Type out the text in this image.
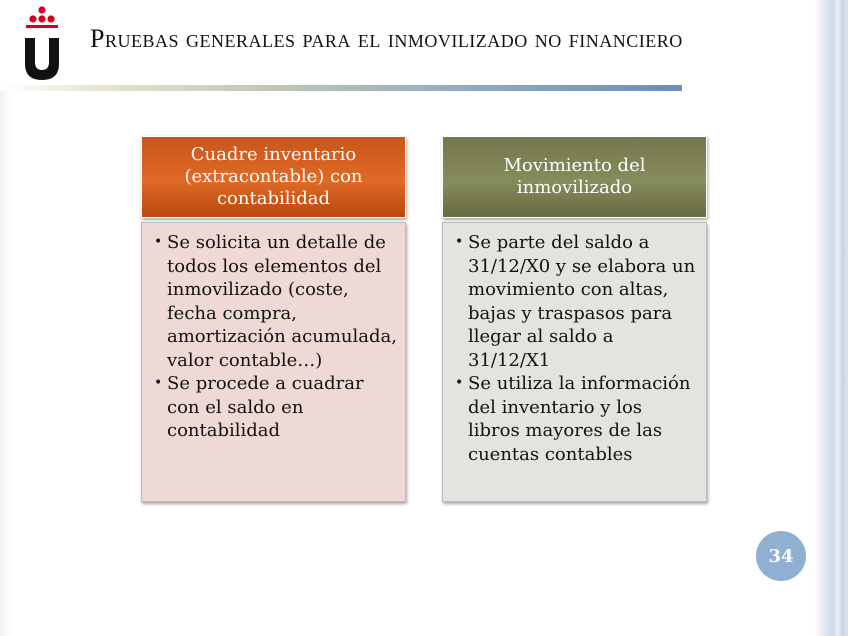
Pruebas generales para el inmovilizado no financiero
Cuadre inventario (extracontable) con contabilidad
• Se solicita un detalle de todos los elementos del inmovilizado (coste, fecha compra, amortización acumulada, valor contable…)
• Se procede a cuadrar con el saldo en contabilidad
Movimiento del inmovilizado
• Se parte del saldo a 31/12/X0 y se elabora un movimiento con altas, bajas y traspasos para llegar al saldo a 31/12/X1
• Se utiliza la información del inventario y los libros mayores de las cuentas contables
34
